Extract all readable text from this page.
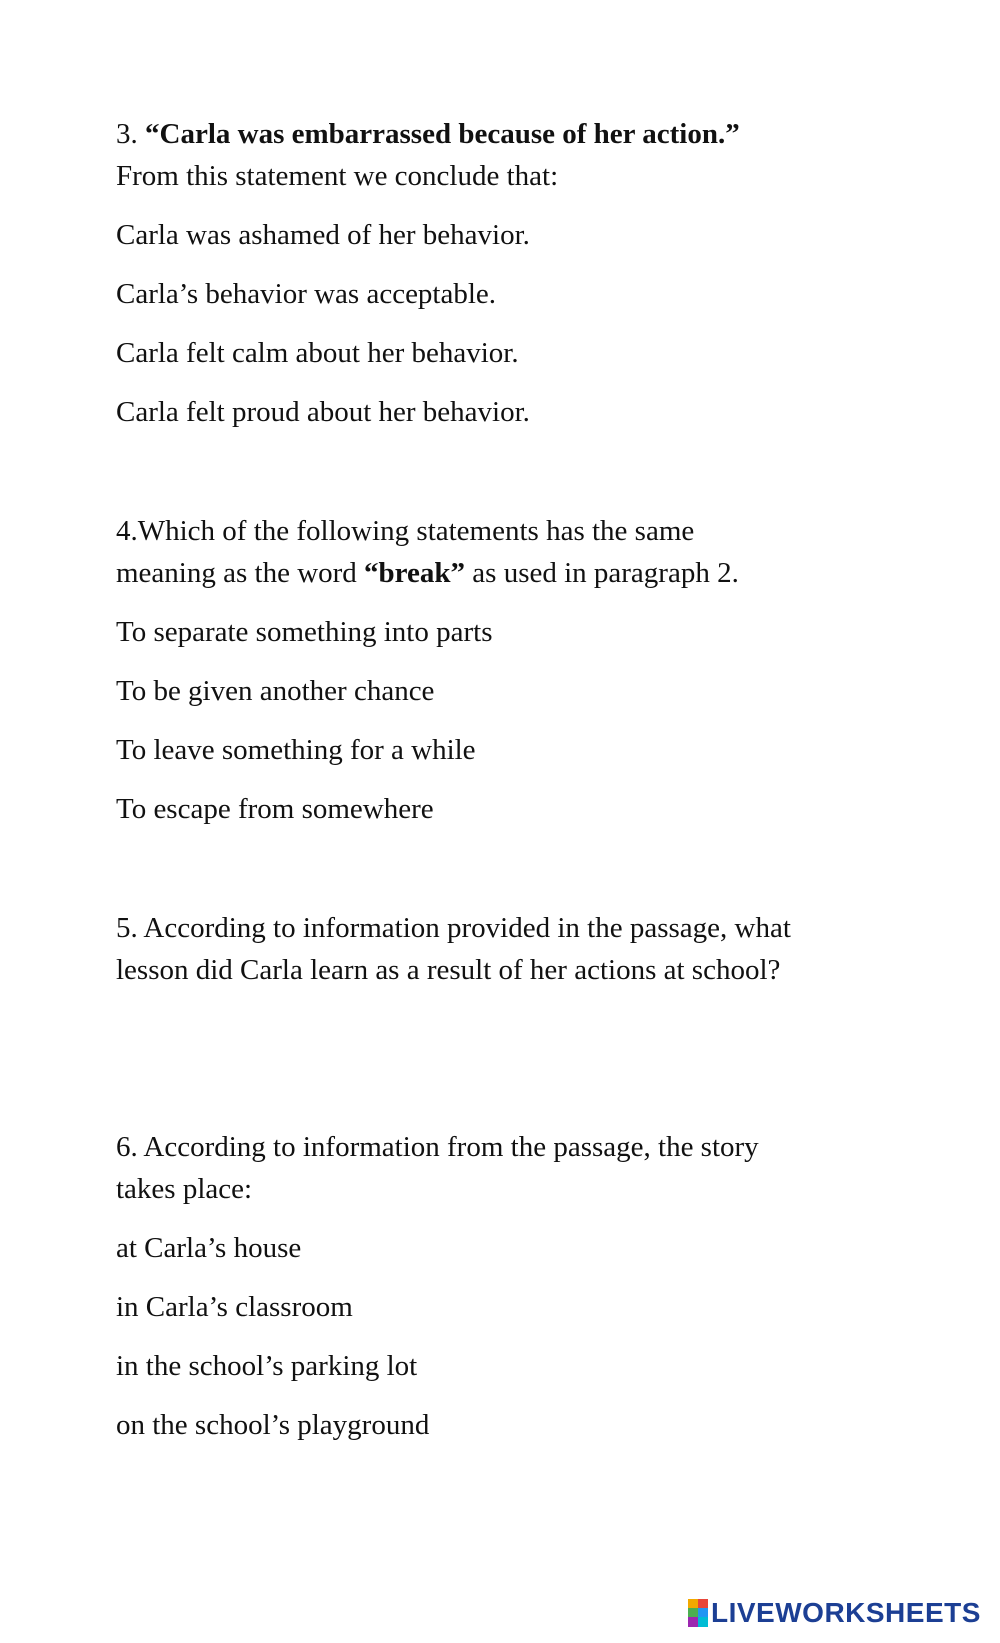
3. “Carla was embarrassed because of her action.”
From this statement we conclude that:
Carla was ashamed of her behavior.
Carla’s behavior was acceptable.
Carla felt calm about her behavior.
Carla felt proud about her behavior.
4.Which of the following statements has the same
meaning as the word “break” as used in paragraph 2.
To separate something into parts
To be given another chance
To leave something for a while
To escape from somewhere
5. According to information provided in the passage, what
lesson did Carla learn as a result of her actions at school?
6. According to information from the passage, the story
takes place:
at Carla’s house
in Carla’s classroom
in the school’s parking lot
on the school’s playground
LIVEWORKSHEETS
